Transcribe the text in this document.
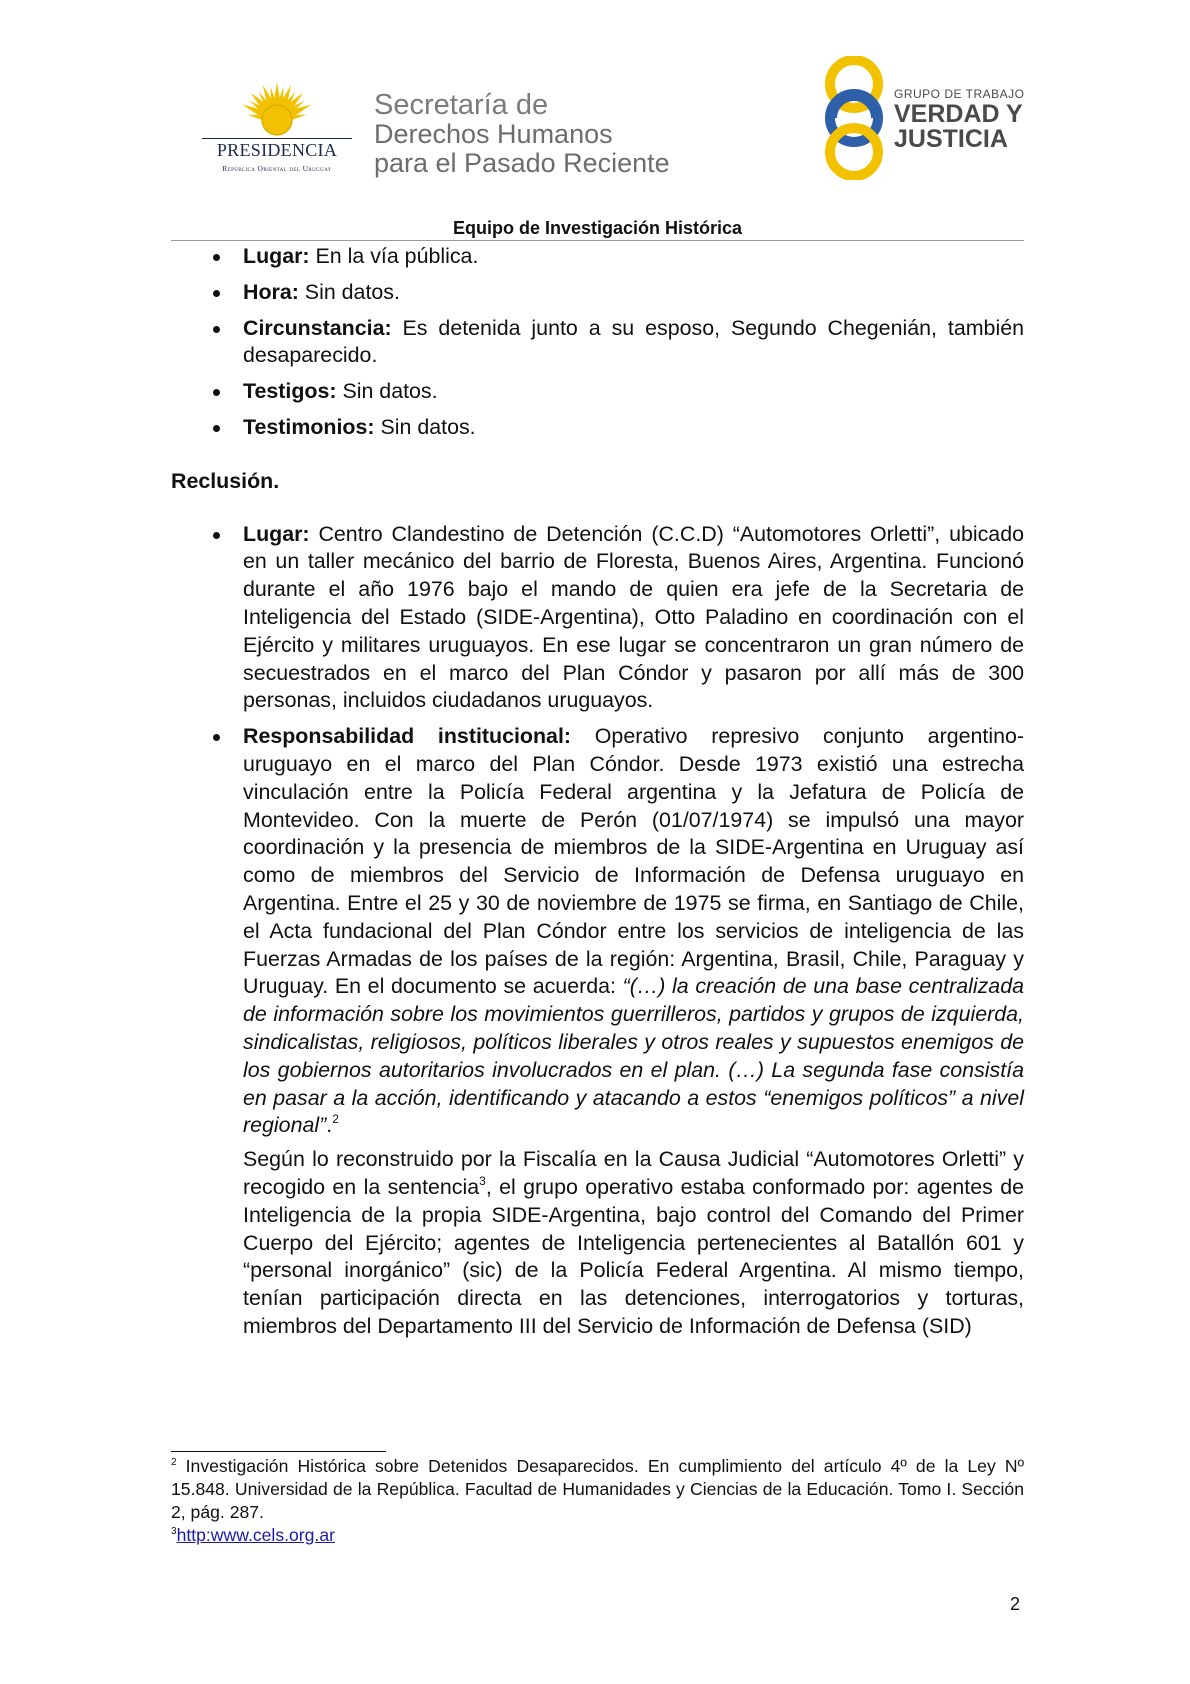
PRESIDENCIA
República Oriental del Uruguay
Secretaría de
Derechos Humanos
para el Pasado Reciente
GRUPO DE TRABAJO
VERDAD Y
JUSTICIA
Equipo de Investigación Histórica
Lugar: En la vía pública.
Hora: Sin datos.
Circunstancia: Es detenida junto a su esposo, Segundo Chegenián, también desaparecido.
Testigos: Sin datos.
Testimonios: Sin datos.
Reclusión.
Lugar: Centro Clandestino de Detención (C.C.D) “Automotores Orletti”, ubicado en un taller mecánico del barrio de Floresta, Buenos Aires, Argentina. Funcionó durante el año 1976 bajo el mando de quien era jefe de la Secretaria de Inteligencia del Estado (SIDE-Argentina), Otto Paladino en coordinación con el Ejército y militares uruguayos. En ese lugar se concentraron un gran número de secuestrados en el marco del Plan Cóndor y pasaron por allí más de 300 personas, incluidos ciudadanos uruguayos.
Responsabilidad institucional: Operativo represivo conjunto argentino-uruguayo en el marco del Plan Cóndor. Desde 1973 existió una estrecha vinculación entre la Policía Federal argentina y la Jefatura de Policía de Montevideo. Con la muerte de Perón (01/07/1974) se impulsó una mayor coordinación y la presencia de miembros de la SIDE-Argentina en Uruguay así como de miembros del Servicio de Información de Defensa uruguayo en Argentina. Entre el 25 y 30 de noviembre de 1975 se firma, en Santiago de Chile, el Acta fundacional del Plan Cóndor entre los servicios de inteligencia de las Fuerzas Armadas de los países de la región: Argentina, Brasil, Chile, Paraguay y Uruguay. En el documento se acuerda: “(…) la creación de una base centralizada de información sobre los movimientos guerrilleros, partidos y grupos de izquierda, sindicalistas, religiosos, políticos liberales y otros reales y supuestos enemigos de los gobiernos autoritarios involucrados en el plan. (…) La segunda fase consistía en pasar a la acción, identificando y atacando a estos “enemigos políticos” a nivel regional”.$^2$

Según lo reconstruido por la Fiscalía en la Causa Judicial “Automotores Orletti” y recogido en la sentencia$^3$, el grupo operativo estaba conformado por: agentes de Inteligencia de la propia SIDE-Argentina, bajo control del Comando del Primer Cuerpo del Ejército; agentes de Inteligencia pertenecientes al Batallón 601 y “personal inorgánico” (sic) de la Policía Federal Argentina. Al mismo tiempo, tenían participación directa en las detenciones, interrogatorios y torturas, miembros del Departamento III del Servicio de Información de Defensa (SID)

$^2$ Investigación Histórica sobre Detenidos Desaparecidos. En cumplimiento del artículo 4º de la Ley Nº 15.848. Universidad de la República. Facultad de Humanidades y Ciencias de la Educación. Tomo I. Sección 2, pág. 287.

$^3$http:www.cels.org.ar

2
